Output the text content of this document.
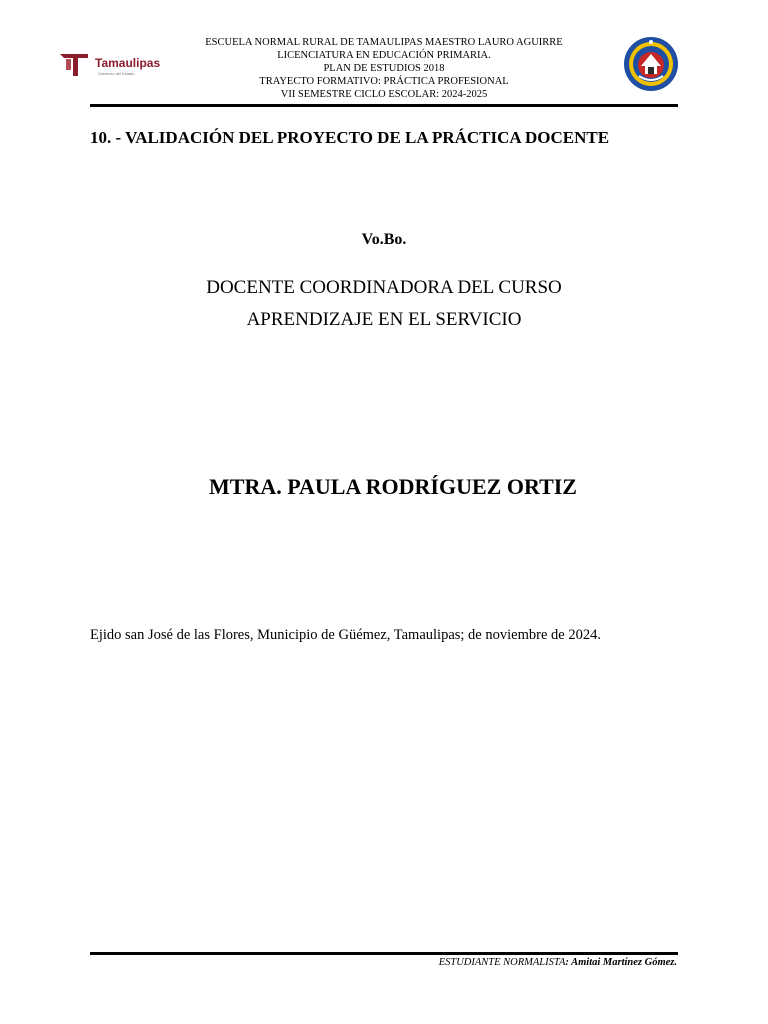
Tamaulipas
Gobierno del Estado
ESCUELA NORMAL RURAL DE TAMAULIPAS MAESTRO LAURO AGUIRRE
LICENCIATURA EN EDUCACIÓN PRIMARIA.
PLAN DE ESTUDIOS 2018
TRAYECTO FORMATIVO: PRÁCTICA PROFESIONAL
VII SEMESTRE CICLO ESCOLAR: 2024-2025
10. - VALIDACIÓN DEL PROYECTO DE LA PRÁCTICA DOCENTE
Vo.Bo.
DOCENTE COORDINADORA DEL CURSO
APRENDIZAJE EN EL SERVICIO
MTRA. PAULA RODRÍGUEZ ORTIZ
Ejido san José de las Flores, Municipio de Güémez, Tamaulipas; de noviembre de 2024.
ESTUDIANTE NORMALISTA: Amitai Martínez Gómez.
